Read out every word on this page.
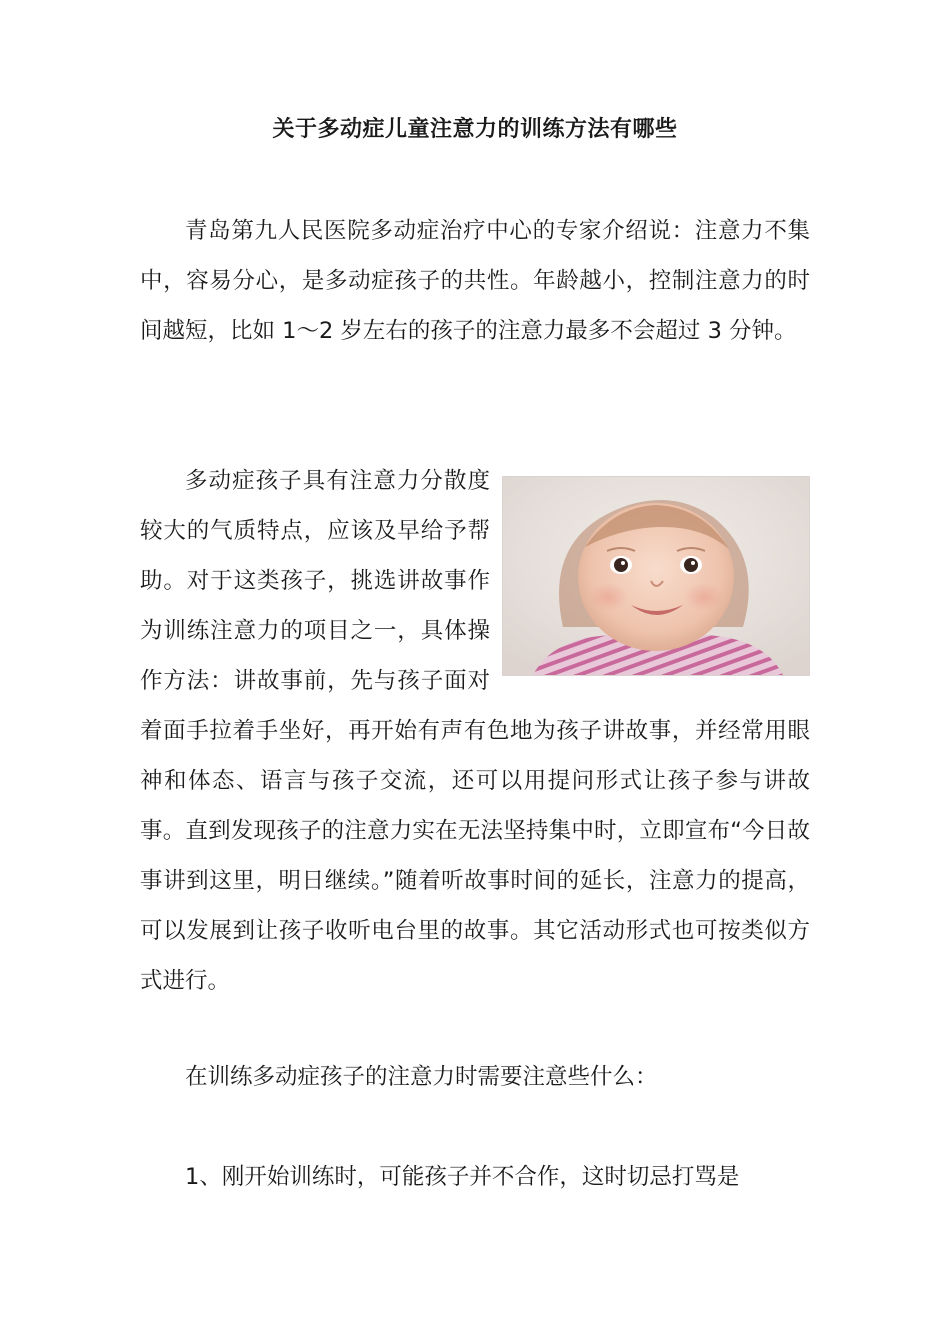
关于多动症儿童注意力的训练方法有哪些

青岛第九人民医院多动症治疗中心的专家介绍说：注意力不集中，容易分心，是多动症孩子的共性。年龄越小，控制注意力的时间越短，比如 1～2 岁左右的孩子的注意力最多不会超过 3 分钟。

多动症孩子具有注意力分散度较大的气质特点，应该及早给予帮助。对于这类孩子，挑选讲故事作为训练注意力的项目之一，具体操作方法：讲故事前，先与孩子面对着面手拉着手坐好，再开始有声有色地为孩子讲故事，并经常用眼神和体态、语言与孩子交流，还可以用提问形式让孩子参与讲故事。直到发现孩子的注意力实在无法坚持集中时，立即宣布“今日故事讲到这里，明日继续。”随着听故事时间的延长，注意力的提高，可以发展到让孩子收听电台里的故事。其它活动形式也可按类似方式进行。

在训练多动症孩子的注意力时需要注意些什么：

1、刚开始训练时，可能孩子并不合作，这时切忌打骂是
